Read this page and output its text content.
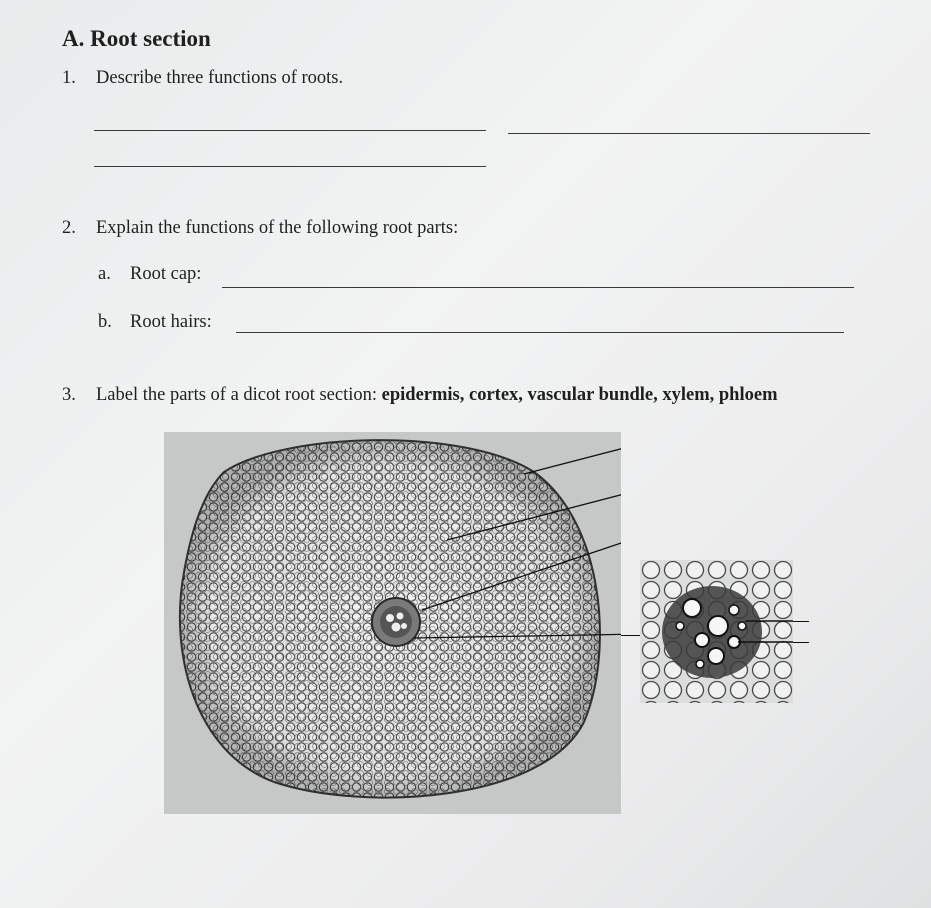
A. Root section
1. Describe three functions of roots.
2. Explain the functions of the following root parts:
a. Root cap:
b. Root hairs:
3. Label the parts of a dicot root section: epidermis, cortex, vascular bundle, xylem, phloem
